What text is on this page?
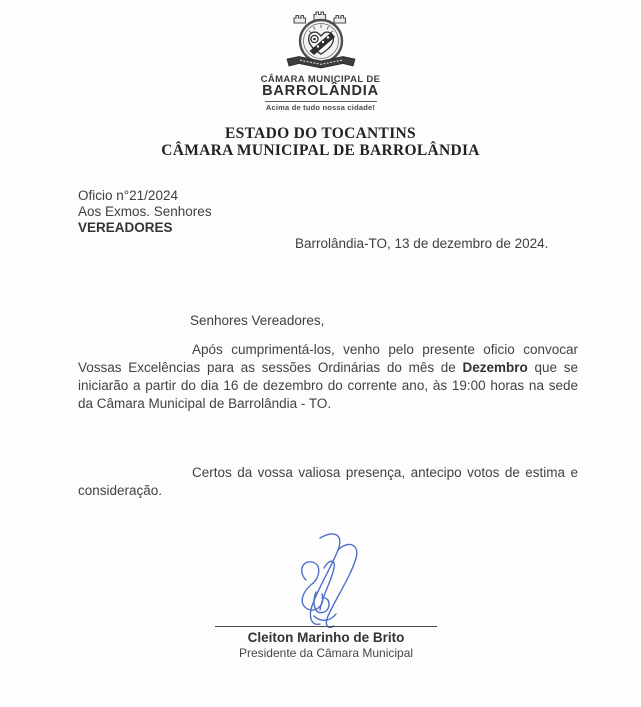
CÂMARA MUNICIPAL DE
BARROLÂNDIA
Acima de tudo nossa cidade!
ESTADO DO TOCANTINS
CÂMARA MUNICIPAL DE BARROLÂNDIA
Oficio n°21/2024
Aos Exmos. Senhores
VEREADORES
Barrolândia-TO, 13 de dezembro de 2024.
Senhores Vereadores,
Após cumprimentá-los, venho pelo presente oficio convocar Vossas Excelências para as sessões Ordinárias do mês de Dezembro que se iniciarão a partir do dia 16 de dezembro do corrente ano, às 19:00 horas na sede da Câmara Municipal de Barrolândia - TO.
Certos da vossa valiosa presença, antecipo votos de estima e consideração.
Cleiton Marinho de Brito
Presidente da Câmara Municipal
